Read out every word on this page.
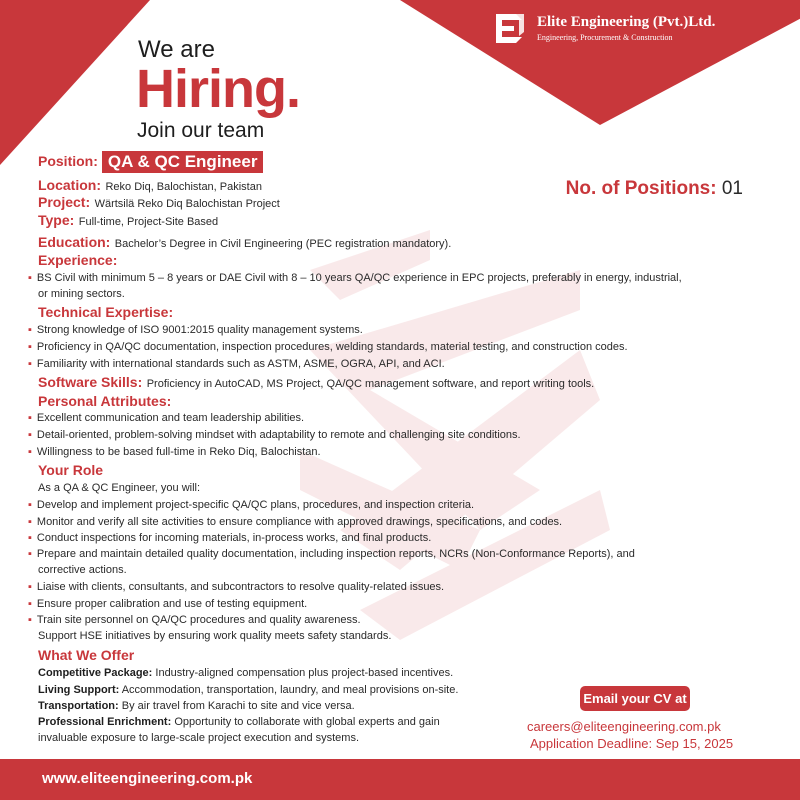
Elite Engineering (Pvt.)Ltd.
Engineering, Procurement & Construction
We are
Hiring.
Join our team
Position: QA & QC Engineer
Location: Reko Diq, Balochistan, Pakistan
Project: Wärtsilä Reko Diq Balochistan Project
Type: Full-time, Project-Site Based
Education: Bachelor’s Degree in Civil Engineering (PEC registration mandatory).
No. of Positions: 01
Experience:
▪ BS Civil with minimum 5 – 8 years or DAE Civil with 8 – 10 years QA/QC experience in EPC projects, preferably in energy, industrial,
or mining sectors.
Technical Expertise:
▪ Strong knowledge of ISO 9001:2015 quality management systems.
▪ Proficiency in QA/QC documentation, inspection procedures, welding standards, material testing, and construction codes.
▪ Familiarity with international standards such as ASTM, ASME, OGRA, API, and ACI.
Software Skills: Proficiency in AutoCAD, MS Project, QA/QC management software, and report writing tools.
Personal Attributes:
▪ Excellent communication and team leadership abilities.
▪ Detail-oriented, problem-solving mindset with adaptability to remote and challenging site conditions.
▪ Willingness to be based full-time in Reko Diq, Balochistan.
Your Role
As a QA & QC Engineer, you will:
▪ Develop and implement project-specific QA/QC plans, procedures, and inspection criteria.
▪ Monitor and verify all site activities to ensure compliance with approved drawings, specifications, and codes.
▪ Conduct inspections for incoming materials, in-process works, and final products.
▪ Prepare and maintain detailed quality documentation, including inspection reports, NCRs (Non-Conformance Reports), and
corrective actions.
▪ Liaise with clients, consultants, and subcontractors to resolve quality-related issues.
▪ Ensure proper calibration and use of testing equipment.
▪ Train site personnel on QA/QC procedures and quality awareness.
Support HSE initiatives by ensuring work quality meets safety standards.
What We Offer
Competitive Package: Industry-aligned compensation plus project-based incentives.
Living Support: Accommodation, transportation, laundry, and meal provisions on-site.
Transportation: By air travel from Karachi to site and vice versa.
Professional Enrichment: Opportunity to collaborate with global experts and gain
invaluable exposure to large-scale project execution and systems.
Email your CV at
careers@eliteengineering.com.pk
Application Deadline: Sep 15, 2025
www.eliteengineering.com.pk
